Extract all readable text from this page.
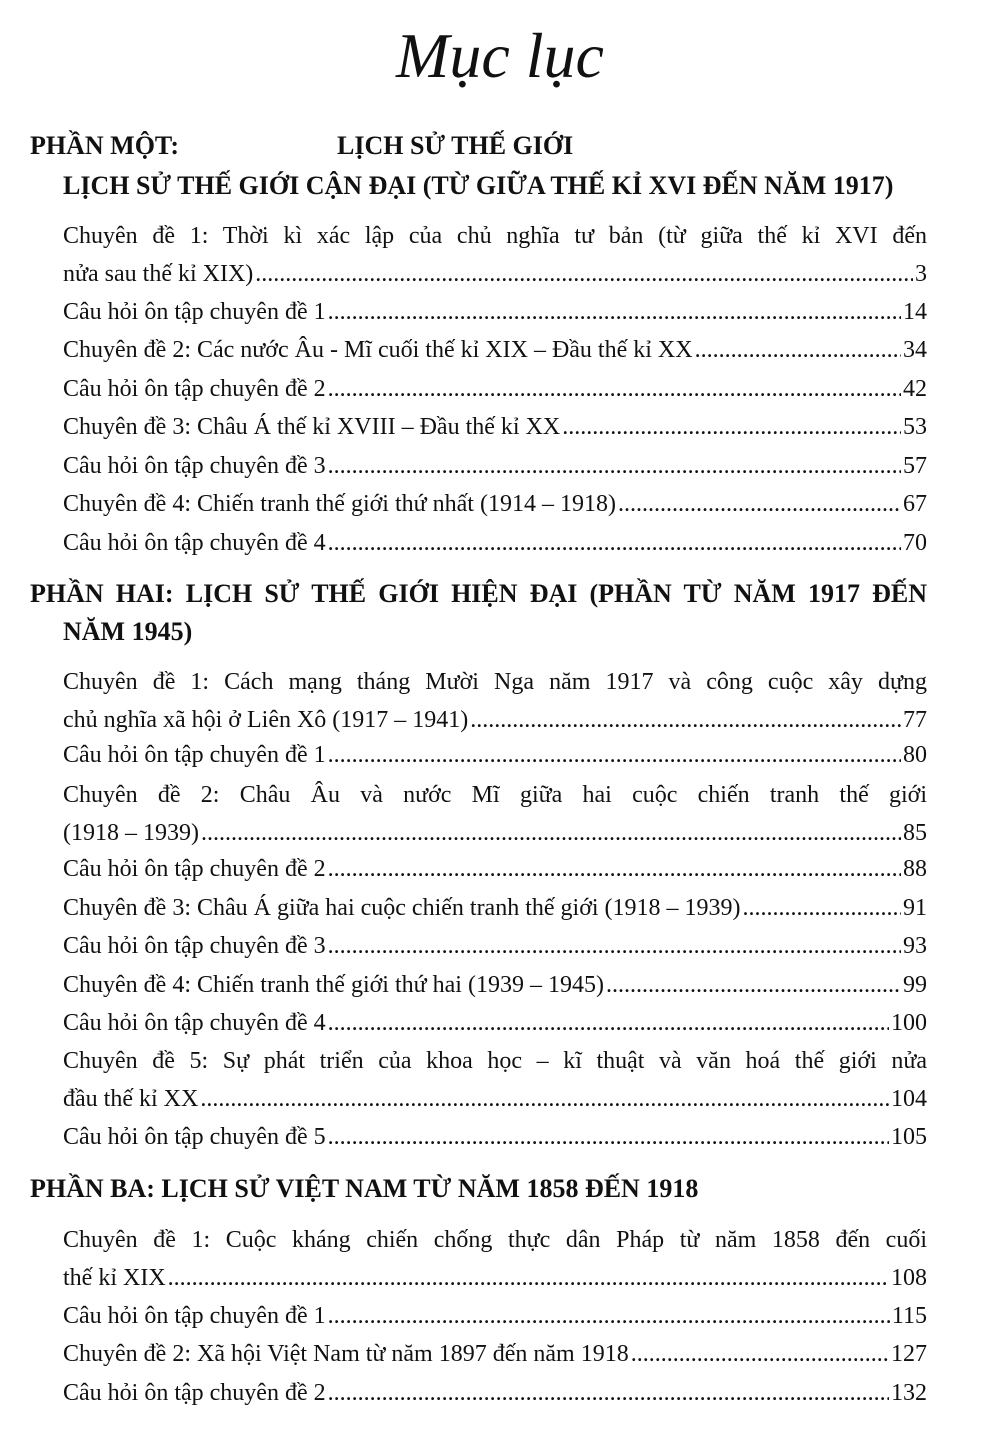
Mục lục
PHẦN MỘT:	LỊCH SỬ THẾ GIỚI
LỊCH SỬ THẾ GIỚI CẬN ĐẠI (TỪ GIỮA THẾ KỈ XVI ĐẾN NĂM 1917)
Chuyên đề 1: Thời kì xác lập của chủ nghĩa tư bản (từ giữa thế kỉ XVI đến
nửa sau thế kỉ XIX) .....	3
Câu hỏi ôn tập chuyên đề 1 .....	14
Chuyên đề 2: Các nước Âu - Mĩ cuối thế kỉ XIX – Đầu thế kỉ XX .....	34
Câu hỏi ôn tập chuyên đề 2 .....	42
Chuyên đề 3: Châu Á thế kỉ XVIII – Đầu thế kỉ XX .....	53
Câu hỏi ôn tập chuyên đề 3 .....	57
Chuyên đề 4: Chiến tranh thế giới thứ nhất (1914 – 1918) .....	67
Câu hỏi ôn tập chuyên đề 4 .....	70
PHẦN HAI: LỊCH SỬ THẾ GIỚI HIỆN ĐẠI (PHẦN TỪ NĂM 1917 ĐẾN
NĂM 1945)
Chuyên đề 1: Cách mạng tháng Mười Nga năm 1917 và công cuộc xây dựng
chủ nghĩa xã hội ở Liên Xô (1917 – 1941) .....	77
Câu hỏi ôn tập chuyên đề 1 .....	80
Chuyên đề 2: Châu Âu và nước Mĩ giữa hai cuộc chiến tranh thế giới
(1918 – 1939) .....	85
Câu hỏi ôn tập chuyên đề 2 .....	88
Chuyên đề 3: Châu Á giữa hai cuộc chiến tranh thế giới (1918 – 1939) .....	91
Câu hỏi ôn tập chuyên đề 3 .....	93
Chuyên đề 4: Chiến tranh thế giới thứ hai (1939 – 1945) .....	99
Câu hỏi ôn tập chuyên đề 4 .....	100
Chuyên đề 5: Sự phát triển của khoa học – kĩ thuật và văn hoá thế giới nửa
đầu thế kỉ XX .....	104
Câu hỏi ôn tập chuyên đề 5 .....	105
PHẦN BA: LỊCH SỬ VIỆT NAM TỪ NĂM 1858 ĐẾN 1918
Chuyên đề 1: Cuộc kháng chiến chống thực dân Pháp từ năm 1858 đến cuối
thế kỉ XIX .....	108
Câu hỏi ôn tập chuyên đề 1 .....	115
Chuyên đề 2: Xã hội Việt Nam từ năm 1897 đến năm 1918 .....	127
Câu hỏi ôn tập chuyên đề 2 .....	132
